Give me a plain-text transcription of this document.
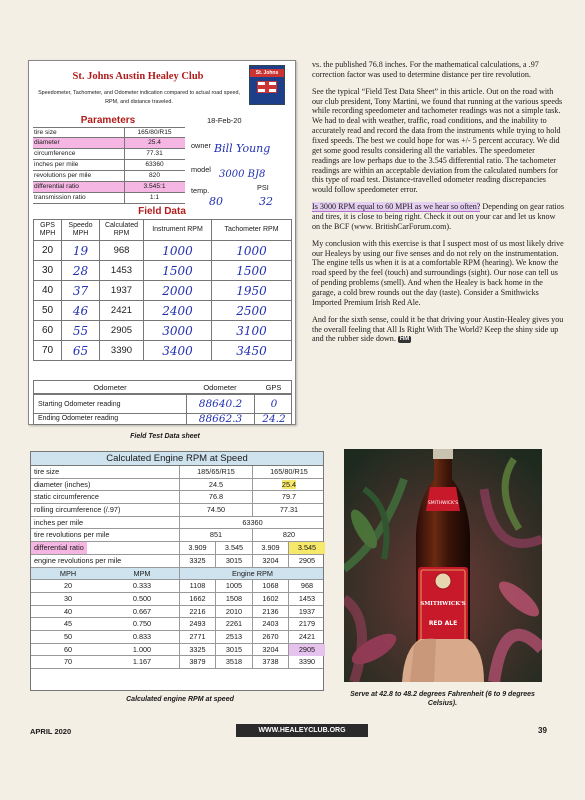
St. Johns Austin Healey Club	St. Johns
Speedometer, Tachometer, and Odometer indication compared to actual road speed, RPM, and distance traveled.
Parameters	18-Feb-20
tire size	165/80/R15
diameter	25.4
circumference	77.31
inches per mile	63360
revolutions per mile	820
differential ratio	3.545:1
transmission ratio	1:1
owner Bill Young
model 3000 BJ8
temp.
80
PSI
32
Field Data
GPS MPH	Speedo MPH	Calculated RPM	Instrument RPM	Tachometer RPM
20	19	968	1000	1000
30	28	1453	1500	1500
40	37	1937	2000	1950
50	46	2421	2400	2500
60	55	2905	3000	3100
70	65	3390	3400	3450
Odometer	Odometer	GPS
Starting Odometer reading	88640.2	0
Ending Odometer reading	88662.3	24.2
Field Test Data sheet

vs. the published 76.8 inches. For the mathematical calculations, a .97 correction factor was used to determine distance per tire revolution.

See the typical “Field Test Data Sheet” in this article. Out on the road with our club president, Tony Martini, we found that running at the various speeds while recording speedometer and tachometer readings was not a simple task. We had to deal with weather, traffic, road conditions, and the inability to accurately read and record the data from the instruments while trying to hold fixed speeds. The best we could hope for was +/- 5 percent accuracy. We did get some good results considering all the variables. The speedometer readings are low perhaps due to the 3.545 differential ratio. The tachometer readings are within an acceptable deviation from the calculated numbers for this type of road test. Distance-travelled odometer reading discrepancies would follow speedometer error.

Is 3000 RPM equal to 60 MPH as we hear so often? Depending on gear ratios and tires, it is close to being right. Check it out on your car and let us know on the BCF (www. BritishCarForum.com).

My conclusion with this exercise is that I suspect most of us most likely drive our Healeys by using our five senses and do not rely on the instrumentation. The engine tells us when it is at a comfortable RPM (hearing). We know the road speed by the feel (touch) and surroundings (sight). Our nose can tell us of pending problems (smell). And when the Healey is back home in the garage, a cold brew rounds out the day (taste). Consider a Smithwicks Imported Premium Irish Red Ale.

And for the sixth sense, could it be that driving your Austin-Healey gives you the overall feeling that All Is Right With The World? Keep the shiny side up and the rubber side down. HM

Calculated Engine RPM at Speed
tire size	185/65/R15	165/80/R15
diameter (inches)	24.5	25.4
static circumference	76.8	79.7
rolling circumference (/.97)	74.50	77.31
inches per mile	63360
tire revolutions per mile	851	820
differential ratio	3.909	3.545	3.909	3.545
engine revolutions per mile	3325	3015	3204	2905
MPH	MPM	Engine RPM
20	0.333	1108	1005	1068	968
30	0.500	1662	1508	1602	1453
40	0.667	2216	2010	2136	1937
45	0.750	2493	2261	2403	2179
50	0.833	2771	2513	2670	2421
60	1.000	3325	3015	3204	2905
70	1.167	3879	3518	3738	3390
Calculated engine RPM at speed
SMITHWICK'S
SMITHWICK'S
RED ALE
Serve at 42.8 to 48.2 degrees Fahrenheit (6 to 9 degrees Celsius).
APRIL 2020	WWW.HEALEYCLUB.ORG	39
